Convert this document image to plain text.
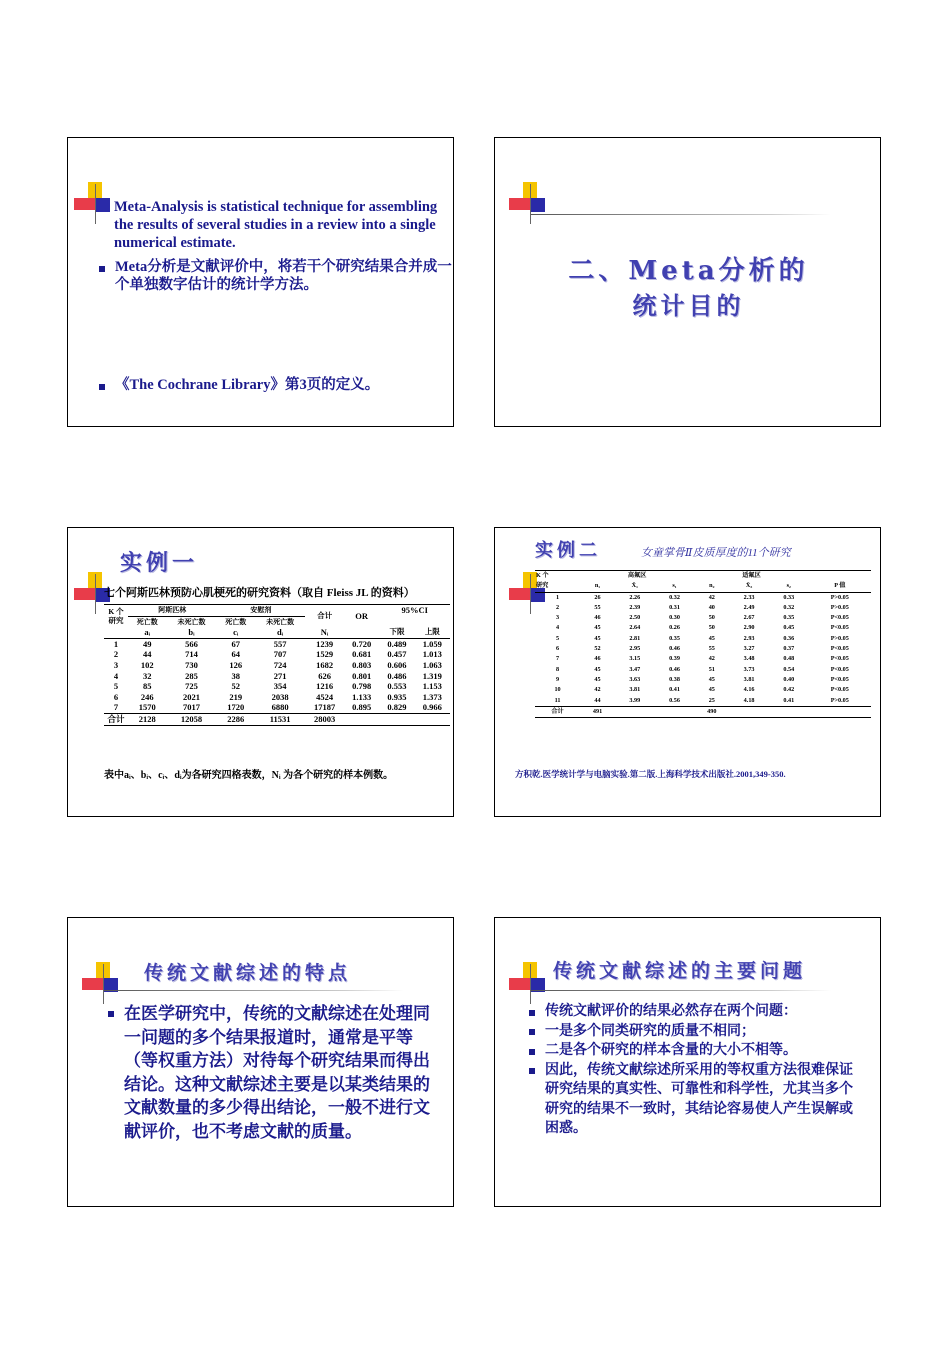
Meta-Analysis is statistical technique for assembling the results of several studies in a review into a single numerical estimate.
Meta分析是文献评价中，将若干个研究结果合并成一个单独数字估计的统计学方法。
《The Cochrane Library》第3页的定义。
二、Meta分析的
统计目的
实例一
七个阿斯匹林预防心肌梗死的研究资料（取自 Fleiss JL 的资料）
K 个研究	阿斯匹林		安慰剂		合计	OR	95%CI	
	死亡数	未死亡数	死亡数	未死亡数				
	aᵢ	bᵢ	cᵢ	dᵢ	Nᵢ		下限	上限
1	49	566	67	557	1239	0.720	0.489	1.059
2	44	714	64	707	1529	0.681	0.457	1.013
3	102	730	126	724	1682	0.803	0.606	1.063
4	32	285	38	271	626	0.801	0.486	1.319
5	85	725	52	354	1216	0.798	0.553	1.153
6	246	2021	219	2038	4524	1.133	0.935	1.373
7	1570	7017	1720	6880	17187	0.895	0.829	0.966
合计	2128	12058	2286	11531	28003			
表中aᵢ、bᵢ、cᵢ、dᵢ为各研究四格表数，Nᵢ 为各个研究的样本例数。
实例二	女童掌骨Ⅱ皮质厚度的11个研究
K 个	高氟区			适氟区			
研究	n₁	X̄₁	s₁	n₂	X̄₂	s₂	P 值
1	26	2.26	0.32	42	2.33	0.33	P>0.05
2	55	2.39	0.31	40	2.49	0.32	P>0.05
3	46	2.50	0.30	50	2.67	0.35	P<0.05
4	45	2.64	0.26	50	2.90	0.45	P<0.05
5	45	2.81	0.35	45	2.93	0.36	P>0.05
6	52	2.95	0.46	55	3.27	0.37	P<0.05
7	46	3.15	0.39	42	3.48	0.48	P<0.05
8	45	3.47	0.46	51	3.73	0.54	P<0.05
9	45	3.63	0.38	45	3.81	0.40	P<0.05
10	42	3.81	0.41	45	4.16	0.42	P<0.05
11	44	3.99	0.56	25	4.18	0.41	P>0.05
合计	491			490			
方积乾.医学统计学与电脑实验.第二版.上海科学技术出版社.2001,349-350.
传统文献综述的特点
在医学研究中，传统的文献综述在处理同一问题的多个结果报道时，通常是平等（等权重方法）对待每个研究结果而得出结论。这种文献综述主要是以某类结果的文献数量的多少得出结论，一般不进行文献评价，也不考虑文献的质量。
传统文献综述的主要问题
传统文献评价的结果必然存在两个问题：
一是多个同类研究的质量不相同；
二是各个研究的样本含量的大小不相等。
因此，传统文献综述所采用的等权重方法很难保证研究结果的真实性、可靠性和科学性，尤其当多个研究的结果不一致时，其结论容易使人产生误解或困惑。
